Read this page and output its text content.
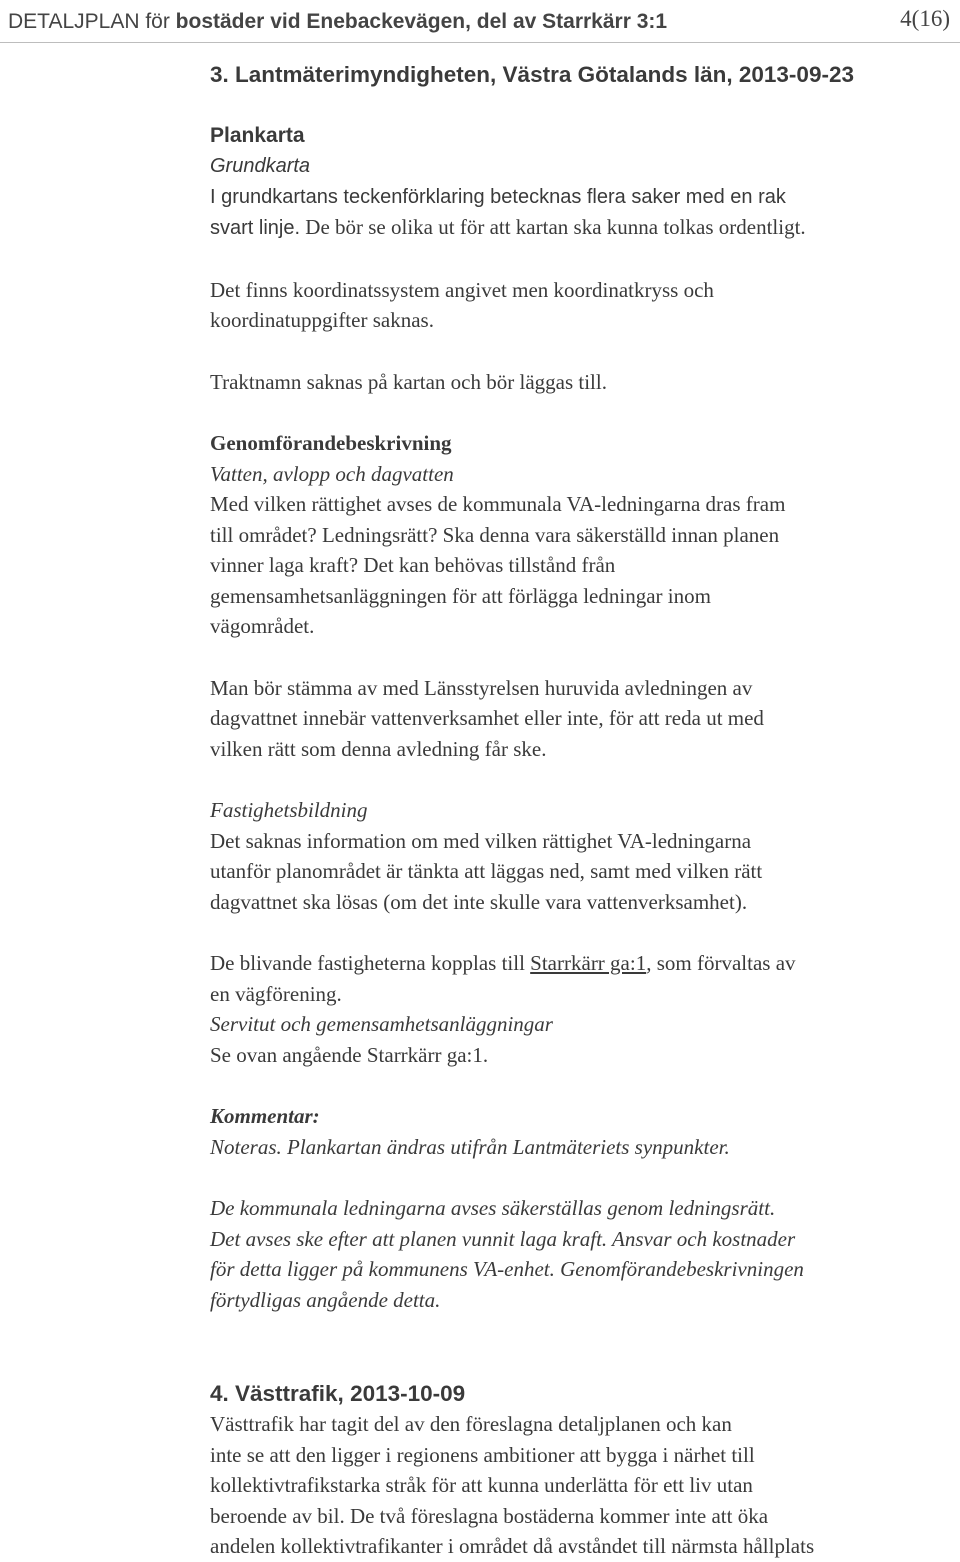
DETALJPLAN för bostäder vid Enebackevägen, del av Starrkärr 3:1	4(16)
3. Lantmäterimyndigheten, Västra Götalands län, 2013-09-23
Plankarta

Grundkarta

I grundkartans teckenförklaring betecknas flera saker med en rak

svart linje. De bör se olika ut för att kartan ska kunna tolkas ordentligt.

Det finns koordinatssystem angivet men koordinatkryss och

koordinatuppgifter saknas.

Traktnamn saknas på kartan och bör läggas till.

Genomförandebeskrivning

Vatten, avlopp och dagvatten

Med vilken rättighet avses de kommunala VA-ledningarna dras fram

till området? Ledningsrätt? Ska denna vara säkerställd innan planen

vinner laga kraft? Det kan behövas tillstånd från

gemensamhetsanläggningen för att förlägga ledningar inom

vägområdet.

Man bör stämma av med Länsstyrelsen huruvida avledningen av

dagvattnet innebär vattenverksamhet eller inte, för att reda ut med

vilken rätt som denna avledning får ske.

Fastighetsbildning

Det saknas information om med vilken rättighet VA-ledningarna

utanför planområdet är tänkta att läggas ned, samt med vilken rätt

dagvattnet ska lösas (om det inte skulle vara vattenverksamhet).

De blivande fastigheterna kopplas till Starrkärr ga:1, som förvaltas av

en vägförening.

Servitut och gemensamhetsanläggningar

Se ovan angående Starrkärr ga:1.

Kommentar:

Noteras. Plankartan ändras utifrån Lantmäteriets synpunkter.

De kommunala ledningarna avses säkerställas genom ledningsrätt.

Det avses ske efter att planen vunnit laga kraft. Ansvar och kostnader

för detta ligger på kommunens VA-enhet. Genomförandebeskrivningen

förtydligas angående detta.

4. Västtrafik, 2013-10-09

Västtrafik har tagit del av den föreslagna detaljplanen och kan

inte se att den ligger i regionens ambitioner att bygga i närhet till

kollektivtrafikstarka stråk för att kunna underlätta för ett liv utan

beroende av bil. De två föreslagna bostäderna kommer inte att öka

andelen kollektivtrafikanter i området då avståndet till närmsta hållplats
